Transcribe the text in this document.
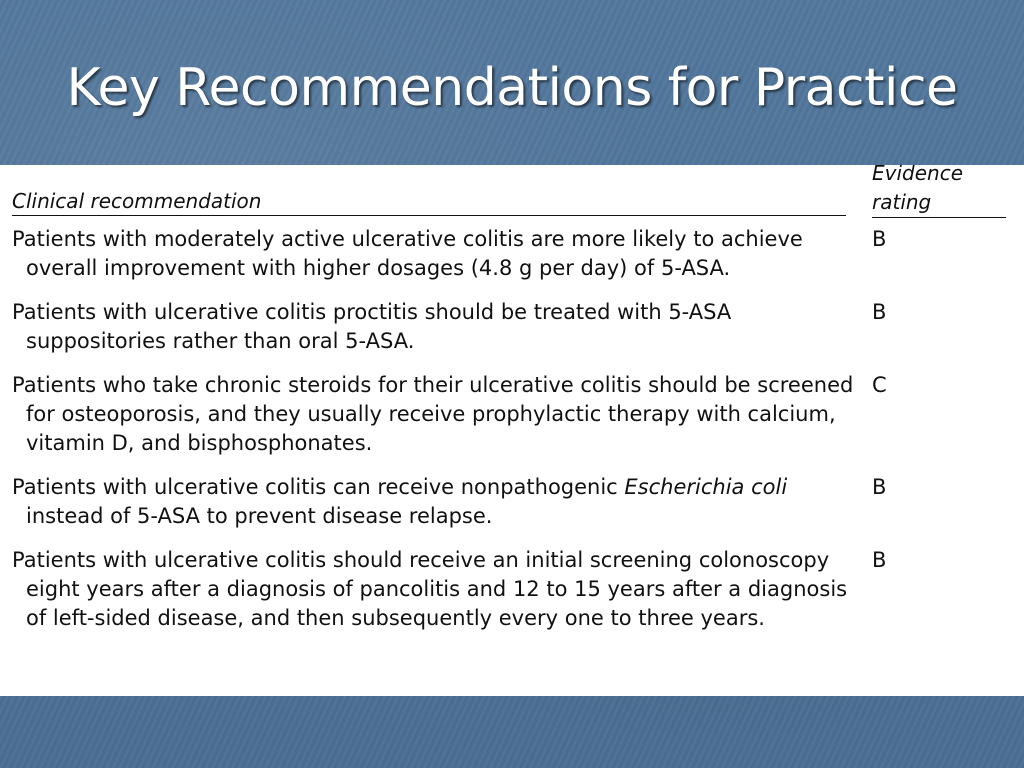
Key Recommendations for Practice
Clinical recommendation
Evidence
rating
Patients with moderately active ulcerative colitis are more likely to achieve overall improvement with higher dosages (4.8 g per day) of 5-ASA.
B
Patients with ulcerative colitis proctitis should be treated with 5-ASA suppositories rather than oral 5-ASA.
B
Patients who take chronic steroids for their ulcerative colitis should be screened for osteoporosis, and they usually receive prophylactic therapy with calcium, vitamin D, and bisphosphonates.
C
Patients with ulcerative colitis can receive nonpathogenic Escherichia coli instead of 5-ASA to prevent disease relapse.
B
Patients with ulcerative colitis should receive an initial screening colonoscopy eight years after a diagnosis of pancolitis and 12 to 15 years after a diagnosis of left-sided disease, and then subsequently every one to three years.
B
